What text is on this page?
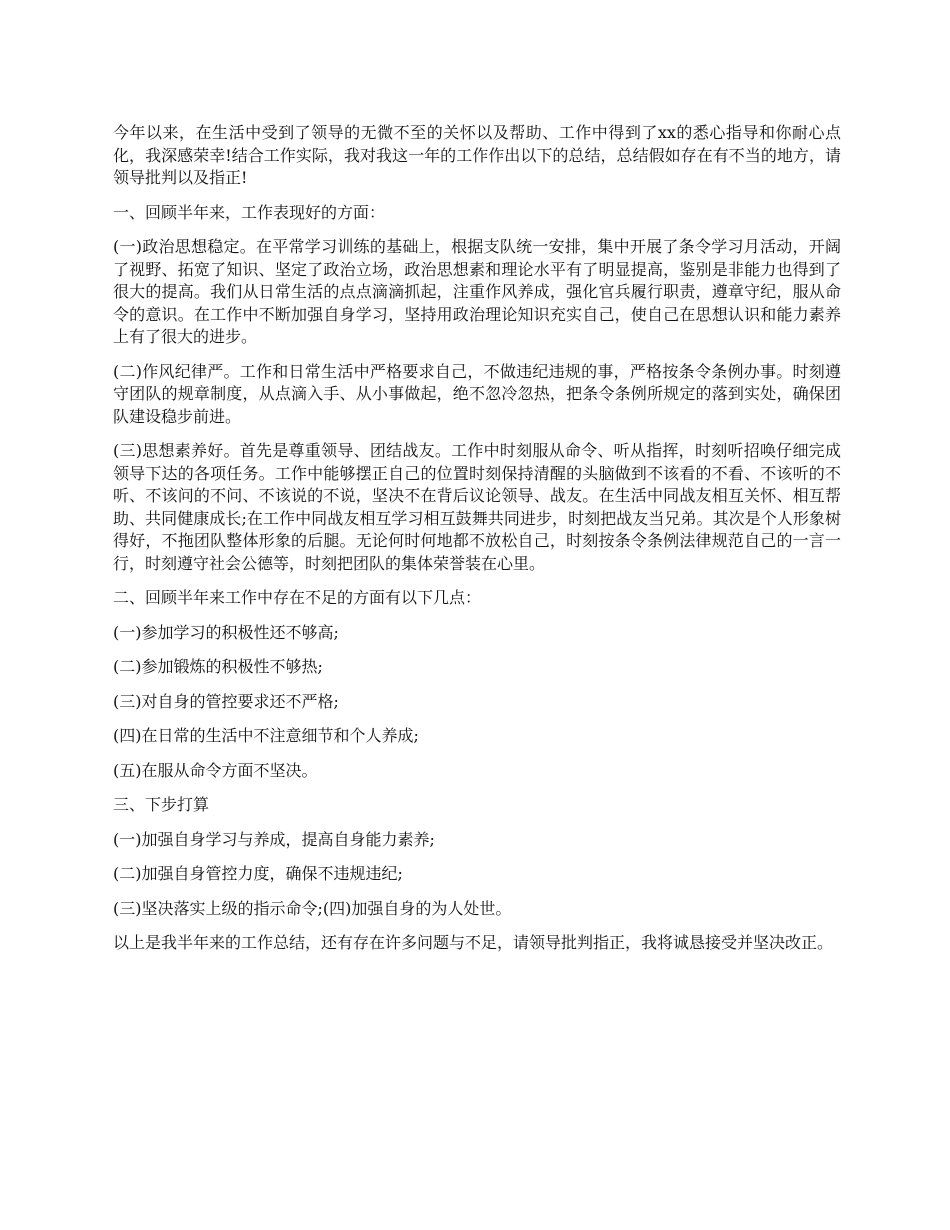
今年以来，在生活中受到了领导的无微不至的关怀以及帮助、工作中得到了xx的悉心指导和你耐心点化，我深感荣幸!结合工作实际，我对我这一年的工作作出以下的总结，总结假如存在有不当的地方，请领导批判以及指正!

一、回顾半年来，工作表现好的方面：

(一)政治思想稳定。在平常学习训练的基础上，根据支队统一安排，集中开展了条令学习月活动，开阔了视野、拓宽了知识、坚定了政治立场，政治思想素和理论水平有了明显提高，鉴别是非能力也得到了很大的提高。我们从日常生活的点点滴滴抓起，注重作风养成，强化官兵履行职责，遵章守纪，服从命令的意识。在工作中不断加强自身学习，坚持用政治理论知识充实自己，使自己在思想认识和能力素养上有了很大的进步。

(二)作风纪律严。工作和日常生活中严格要求自己，不做违纪违规的事，严格按条令条例办事。时刻遵守团队的规章制度，从点滴入手、从小事做起，绝不忽冷忽热，把条令条例所规定的落到实处，确保团队建设稳步前进。

(三)思想素养好。首先是尊重领导、团结战友。工作中时刻服从命令、听从指挥，时刻听招唤仔细完成领导下达的各项任务。工作中能够摆正自己的位置时刻保持清醒的头脑做到不该看的不看、不该听的不听、不该问的不问、不该说的不说，坚决不在背后议论领导、战友。在生活中同战友相互关怀、相互帮助、共同健康成长;在工作中同战友相互学习相互鼓舞共同进步，时刻把战友当兄弟。其次是个人形象树得好，不拖团队整体形象的后腿。无论何时何地都不放松自己，时刻按条令条例法律规范自己的一言一行，时刻遵守社会公德等，时刻把团队的集体荣誉装在心里。

二、回顾半年来工作中存在不足的方面有以下几点：

(一)参加学习的积极性还不够高;

(二)参加锻炼的积极性不够热;

(三)对自身的管控要求还不严格;

(四)在日常的生活中不注意细节和个人养成;

(五)在服从命令方面不坚决。

三、下步打算

(一)加强自身学习与养成，提高自身能力素养;

(二)加强自身管控力度，确保不违规违纪;

(三)坚决落实上级的指示命令;(四)加强自身的为人处世。

以上是我半年来的工作总结，还有存在许多问题与不足，请领导批判指正，我将诚恳接受并坚决改正。
